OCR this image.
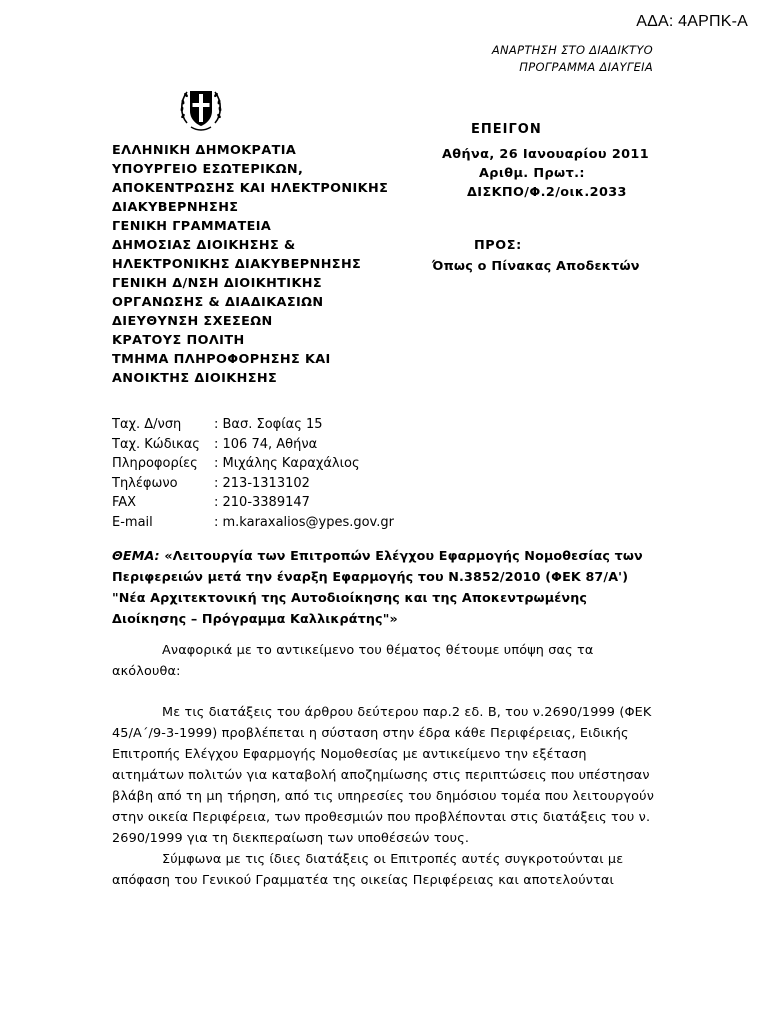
ΑΔΑ: 4ΑΡΠΚ-Α
ΑΝΑΡΤΗΣΗ ΣΤΟ ΔΙΑΔΙΚΤΥΟ
ΠΡΟΓΡΑΜΜΑ ΔΙΑΥΓΕΙΑ
ΕΠΕΙΓΟΝ
ΕΛΛΗΝΙΚΗ ΔΗΜΟΚΡΑΤΙΑ
ΥΠΟΥΡΓΕΙΟ ΕΣΩΤΕΡΙΚΩΝ,
ΑΠΟΚΕΝΤΡΩΣΗΣ ΚΑΙ ΗΛΕΚΤΡΟΝΙΚΗΣ
ΔΙΑΚΥΒΕΡΝΗΣΗΣ
ΓΕΝΙΚΗ ΓΡΑΜΜΑΤΕΙΑ
ΔΗΜΟΣΙΑΣ ΔΙΟΙΚΗΣΗΣ &
ΗΛΕΚΤΡΟΝΙΚΗΣ ΔΙΑΚΥΒΕΡΝΗΣΗΣ
ΓΕΝΙΚΗ Δ/ΝΣΗ ΔΙΟΙΚΗΤΙΚΗΣ
ΟΡΓΑΝΩΣΗΣ & ΔΙΑΔΙΚΑΣΙΩΝ
ΔΙΕΥΘΥΝΣΗ ΣΧΕΣΕΩΝ
ΚΡΑΤΟΥΣ ΠΟΛΙΤΗ
ΤΜΗΜΑ ΠΛΗΡΟΦΟΡΗΣΗΣ ΚΑΙ
ΑΝΟΙΚΤΗΣ ΔΙΟΙΚΗΣΗΣ
Αθήνα, 26 Ιανουαρίου 2011
Αριθμ. Πρωτ.:
ΔΙΣΚΠΟ/Φ.2/οικ.2033
ΠΡΟΣ:
Όπως ο Πίνακας Αποδεκτών
Ταχ. Δ/νση	: Βασ. Σοφίας 15
Ταχ. Κώδικας	: 106 74, Αθήνα
Πληροφορίες	: Μιχάλης Καραχάλιος
Τηλέφωνο	: 213-1313102
FAX	: 210-3389147
E-mail	: m.karaxalios@ypes.gov.gr
ΘΕΜΑ: «Λειτουργία των Επιτροπών Ελέγχου Εφαρμογής Νομοθεσίας των Περιφερειών μετά την έναρξη Εφαρμογής του Ν.3852/2010 (ΦΕΚ 87/Α') "Νέα Αρχιτεκτονική της Αυτοδιοίκησης και της Αποκεντρωμένης Διοίκησης – Πρόγραμμα Καλλικράτης"»

Αναφορικά με το αντικείμενο του θέματος θέτουμε υπόψη σας τα ακόλουθα:

Με τις διατάξεις του άρθρου δεύτερου παρ.2 εδ. Β, του ν.2690/1999 (ΦΕΚ 45/Α΄/9-3-1999) προβλέπεται η σύσταση στην έδρα κάθε Περιφέρειας, Ειδικής Επιτροπής Ελέγχου Εφαρμογής Νομοθεσίας με αντικείμενο την εξέταση αιτημάτων πολιτών για καταβολή αποζημίωσης στις περιπτώσεις που υπέστησαν βλάβη από τη μη τήρηση, από τις υπηρεσίες του δημόσιου τομέα που λειτουργούν στην οικεία Περιφέρεια, των προθεσμιών που προβλέπονται στις διατάξεις του ν. 2690/1999 για τη διεκπεραίωση των υποθέσεών τους.

Σύμφωνα με τις ίδιες διατάξεις οι Επιτροπές αυτές συγκροτούνται με απόφαση του Γενικού Γραμματέα της οικείας Περιφέρειας και αποτελούνται
